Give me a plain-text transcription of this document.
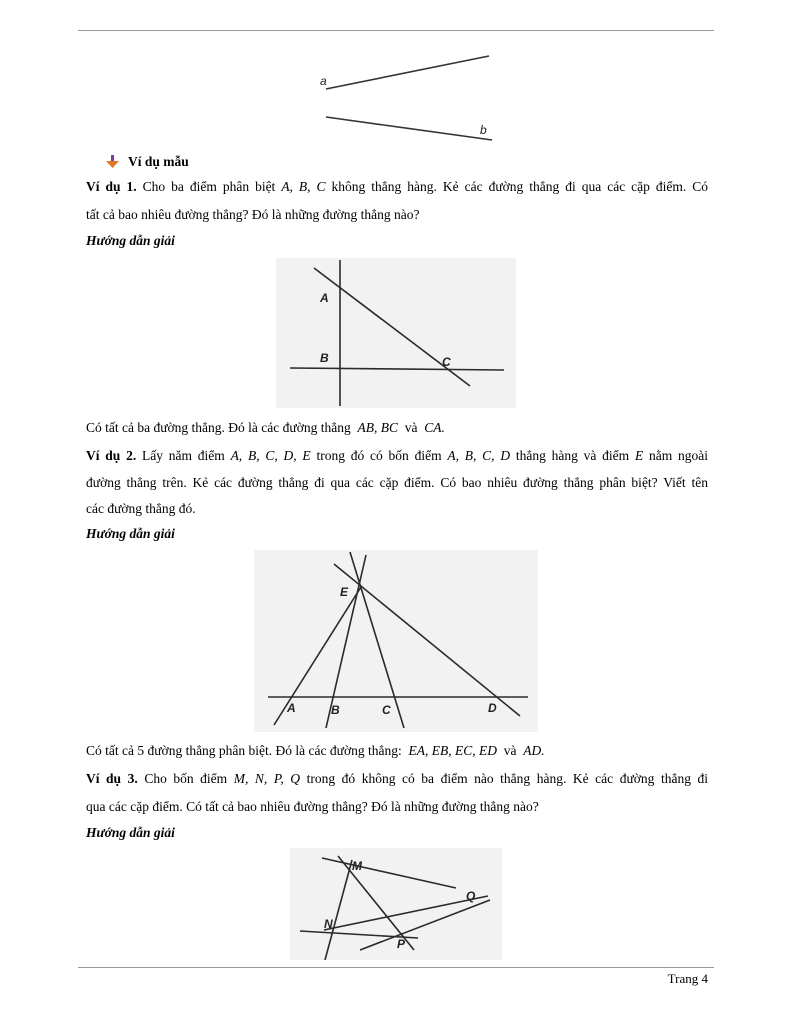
a
b
Ví dụ mẫu
Ví dụ 1. Cho ba điểm phân biệt A, B, C không thẳng hàng. Kẻ các đường thẳng đi qua các cặp điểm. Có
tất cả bao nhiêu đường thẳng? Đó là những đường thẳng nào?
Hướng dẫn giải
A
B	C
Có tất cả ba đường thẳng. Đó là các đường thẳng AB, BC và CA.
Ví dụ 2. Lấy năm điểm A, B, C, D, E trong đó có bốn điểm A, B, C, D thẳng hàng và điểm E nằm ngoài
đường thẳng trên. Kẻ các đường thẳng đi qua các cặp điểm. Có bao nhiêu đường thẳng phân biệt? Viết tên
các đường thẳng đó.
Hướng dẫn giải
E
A	B	C	D
Có tất cả 5 đường thẳng phân biệt. Đó là các đường thẳng: EA, EB, EC, ED và AD.
Ví dụ 3. Cho bốn điểm M, N, P, Q trong đó không có ba điểm nào thẳng hàng. Kẻ các đường thẳng đi
qua các cặp điểm. Có tất cả bao nhiêu đường thẳng? Đó là những đường thẳng nào?
Hướng dẫn giải
M
Q
N
P
Trang 4
